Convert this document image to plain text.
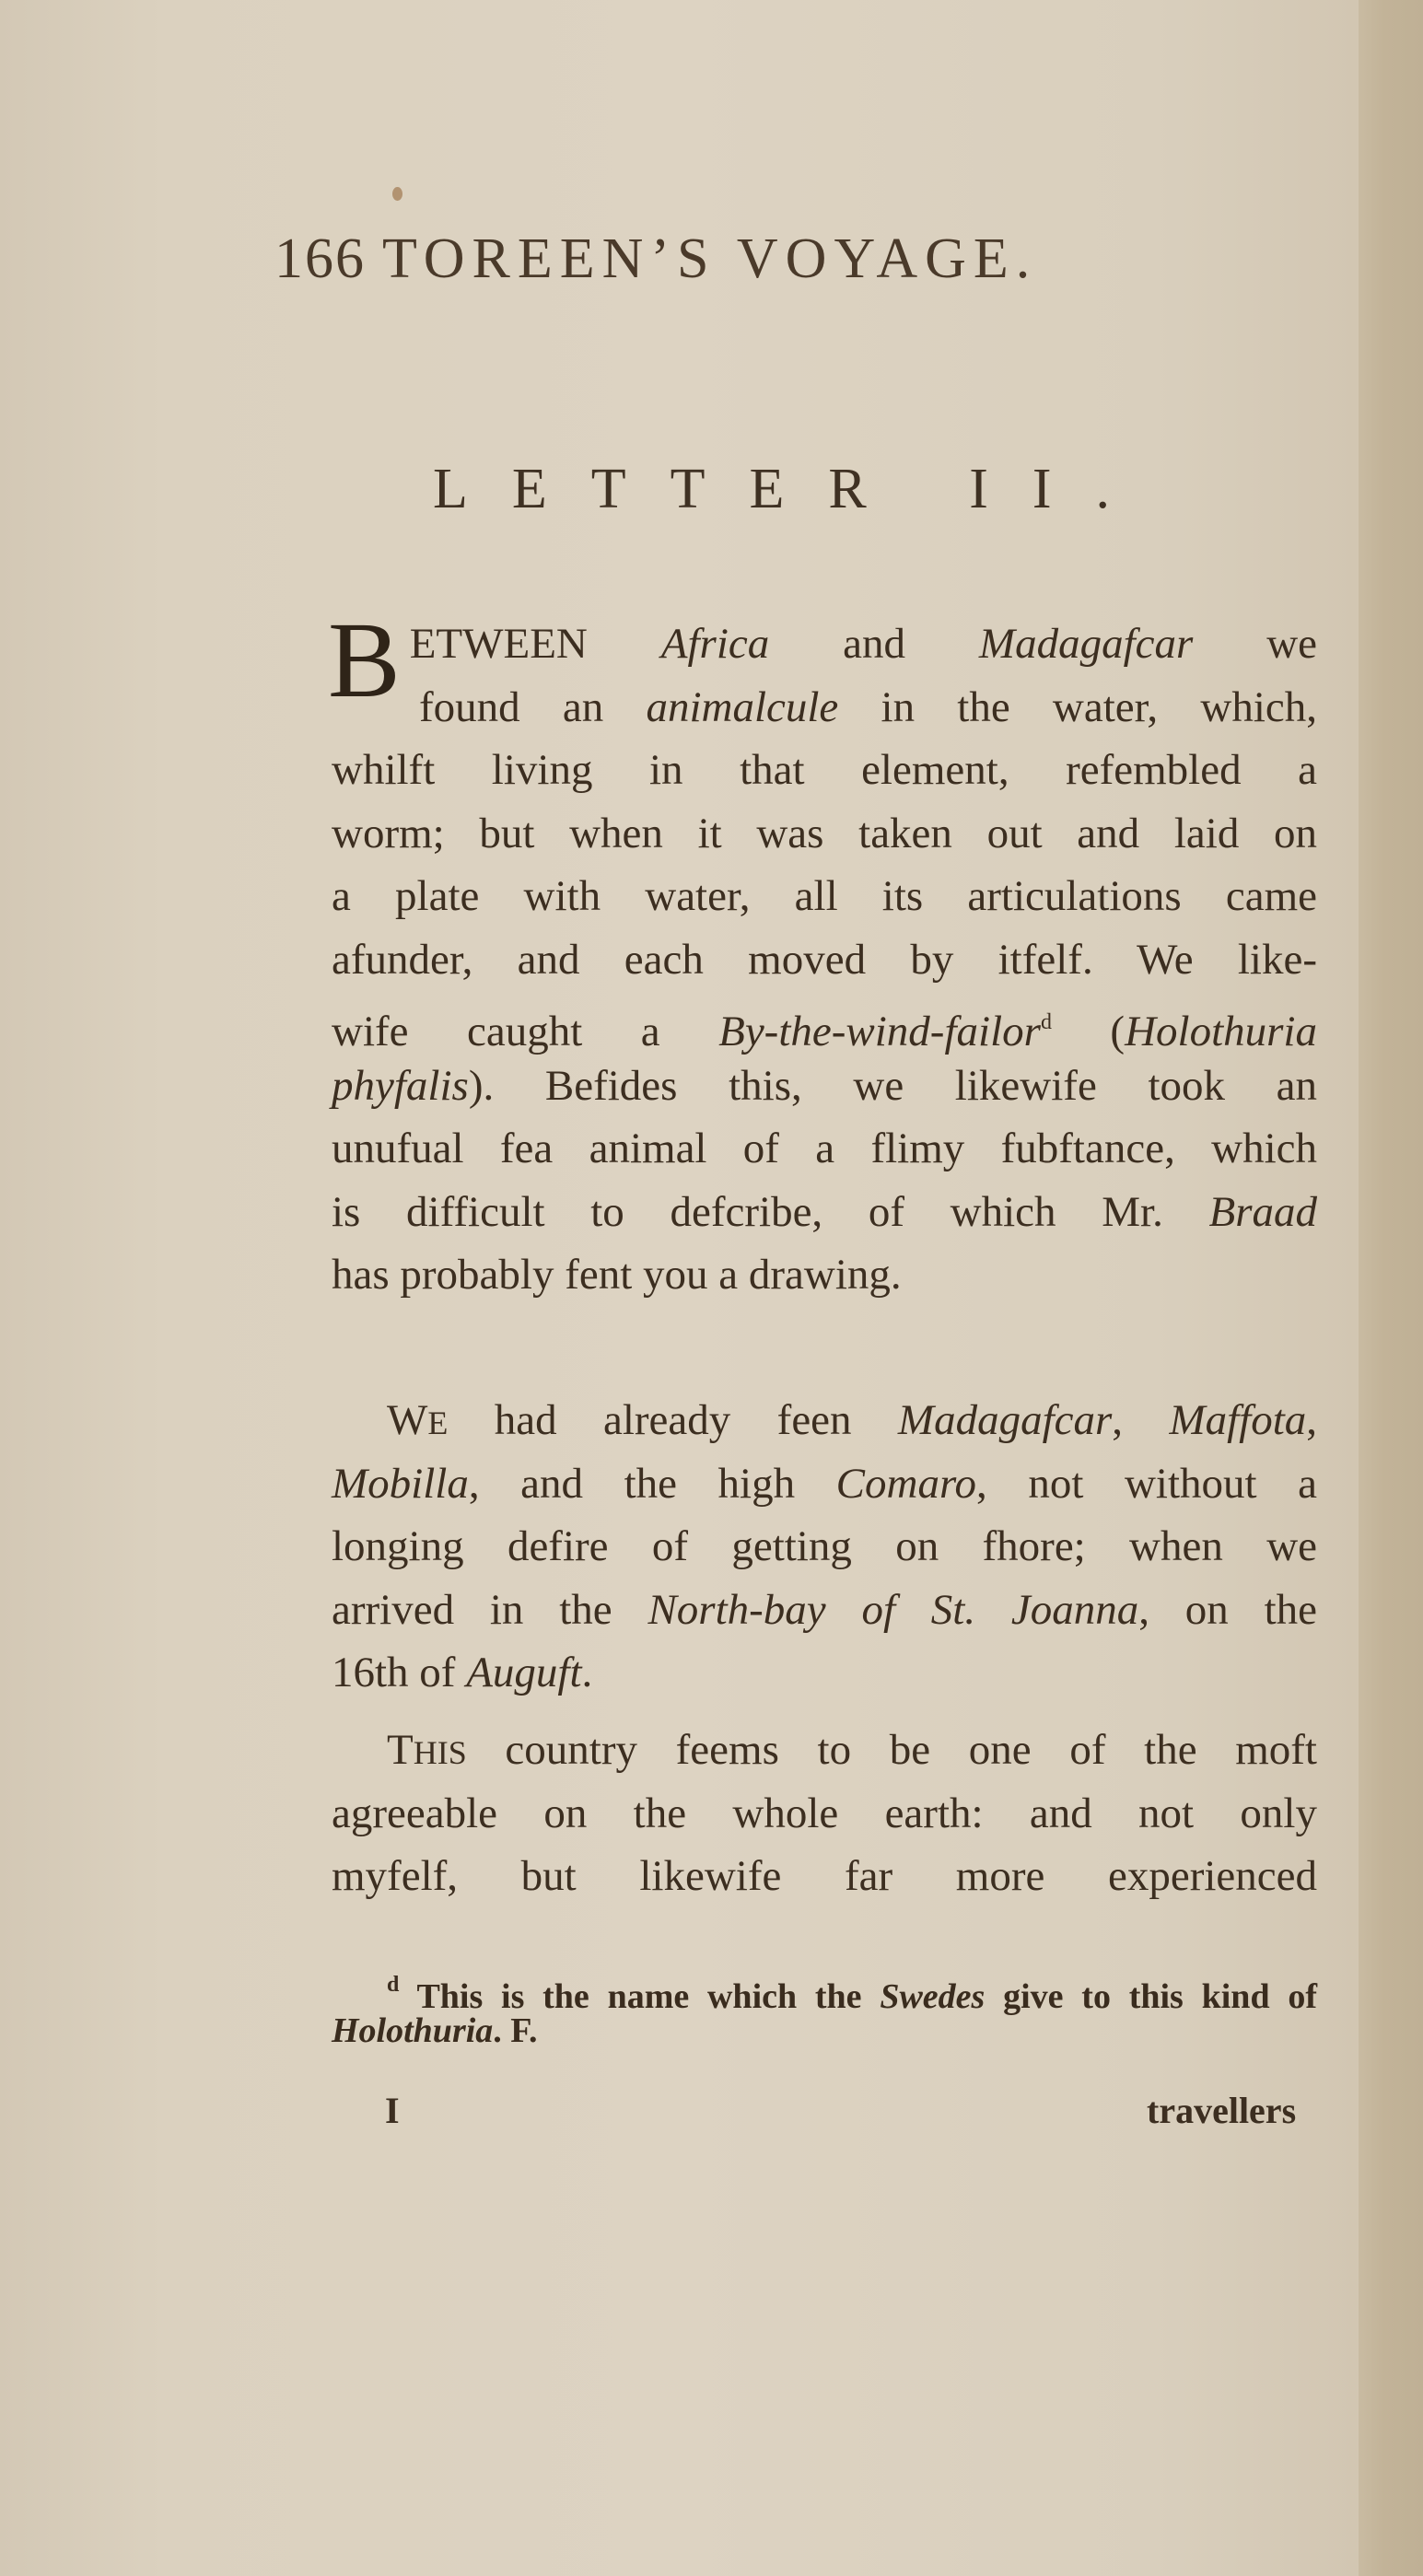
166 TOREEN’S VOYAGE.
LETTER II.
B ETWEEN Africa and Madagafcar we
found an animalcule in the water, which,
whilft living in that element, refembled a
worm; but when it was taken out and laid on
a plate with water, all its articulations came
afunder, and each moved by itfelf. We like-
wife caught a By-the-wind-failor$^d$ (Holothuria
phyfalis). Befides this, we likewife took an
unufual fea animal of a flimy fubftance, which
is difficult to defcribe, of which Mr. Braad
has probably fent you a drawing.
WE had already feen Madagafcar, Maffota,
Mobilla, and the high Comaro, not without a
longing defire of getting on fhore; when we
arrived in the North-bay of St. Joanna, on the
16th of Auguft.
THIS country feems to be one of the moft
agreeable on the whole earth: and not only
myfelf, but likewife far more experienced
$^d$ This is the name which the Swedes give to this kind of
Holothuria. F.
I	travellers
